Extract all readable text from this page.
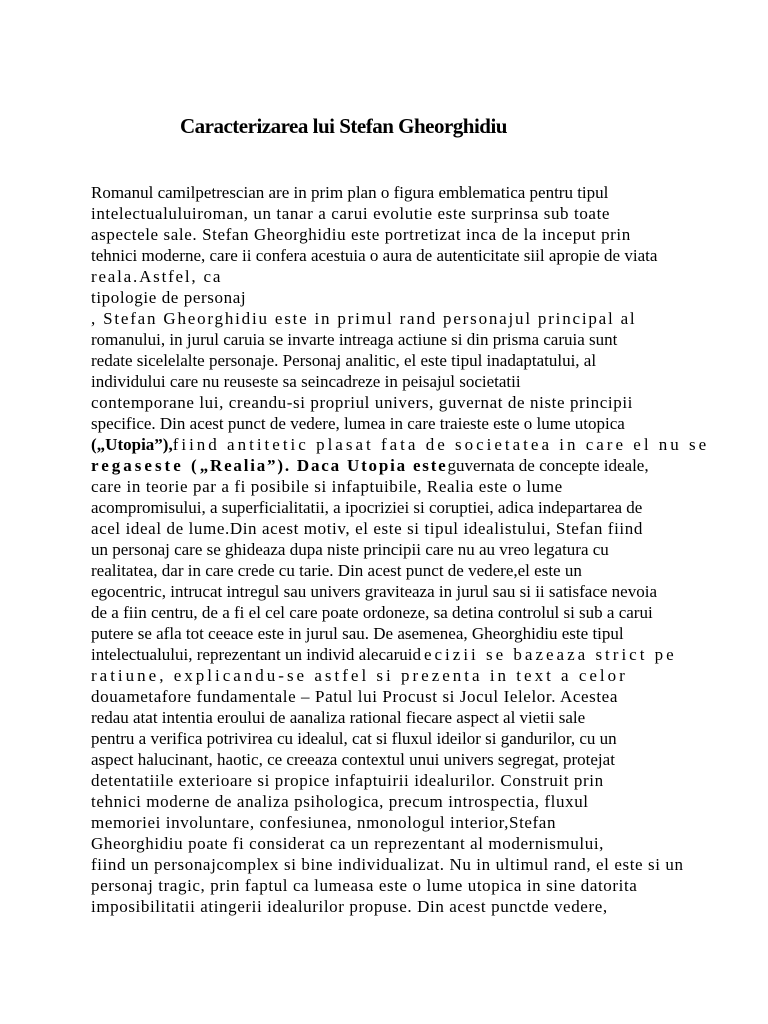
Caracterizarea lui Stefan Gheorghidiu
Romanul camilpetrescian are in prim plan o figura emblematica pentru tipul
intelectualuluiroman, un tanar a carui evolutie este surprinsa sub toate
aspectele sale. Stefan Gheorghidiu este portretizat inca de la inceput prin
tehnici moderne, care ii confera acestuia o aura de autenticitate siil apropie de viata
reala.Astfel, ca
tipologie de personaj
, Stefan Gheorghidiu este in primul rand personajul principal al
romanului, in jurul caruia se invarte intreaga actiune si din prisma caruia sunt
redate sicelelalte personaje. Personaj analitic, el este tipul inadaptatului, al
individului care nu reuseste sa seincadreze in peisajul societatii
contemporane lui, creandu-si propriul univers, guvernat de niste principii
specifice. Din acest punct de vedere, lumea in care traieste este o lume utopica
(„Utopia”),fiind antitetic plasat fata de societatea in care el nu se
regaseste („Realia”). Daca Utopia esteguvernata de concepte ideale,
care in teorie par a fi posibile si infaptuibile, Realia este o lume
acompromisului, a superficialitatii, a ipocriziei si coruptiei, adica indepartarea de
acel ideal de lume.Din acest motiv, el este si tipul idealistului, Stefan fiind
un personaj care se ghideaza dupa niste principii care nu au vreo legatura cu
realitatea, dar in care crede cu tarie. Din acest punct de vedere,el este un
egocentric, intrucat intregul sau univers graviteaza in jurul sau si ii satisface nevoia
de a fiin centru, de a fi el cel care poate ordoneze, sa detina controlul si sub a carui
putere se afla tot ceeace este in jurul sau. De asemenea, Gheorghidiu este tipul
intelectualului, reprezentant un individ alecaruidecizii se bazeaza strict pe
ratiune, explicandu-se astfel si prezenta in text a celor
douametafore fundamentale – Patul lui Procust si Jocul Ielelor. Acestea
redau atat intentia eroului de aanaliza rational fiecare aspect al vietii sale
pentru a verifica potrivirea cu idealul, cat si fluxul ideilor si gandurilor, cu un
aspect halucinant, haotic, ce creeaza contextul unui univers segregat, protejat
detentatiile exterioare si propice infaptuirii idealurilor. Construit prin
tehnici moderne de analiza psihologica, precum introspectia, fluxul
memoriei involuntare, confesiunea, nmonologul interior,Stefan
Gheorghidiu poate fi considerat ca un reprezentant al modernismului,
fiind un personajcomplex si bine individualizat. Nu in ultimul rand, el este si un
personaj tragic, prin faptul ca lumeasa este o lume utopica in sine datorita
imposibilitatii atingerii idealurilor propuse. Din acest punctde vedere,
